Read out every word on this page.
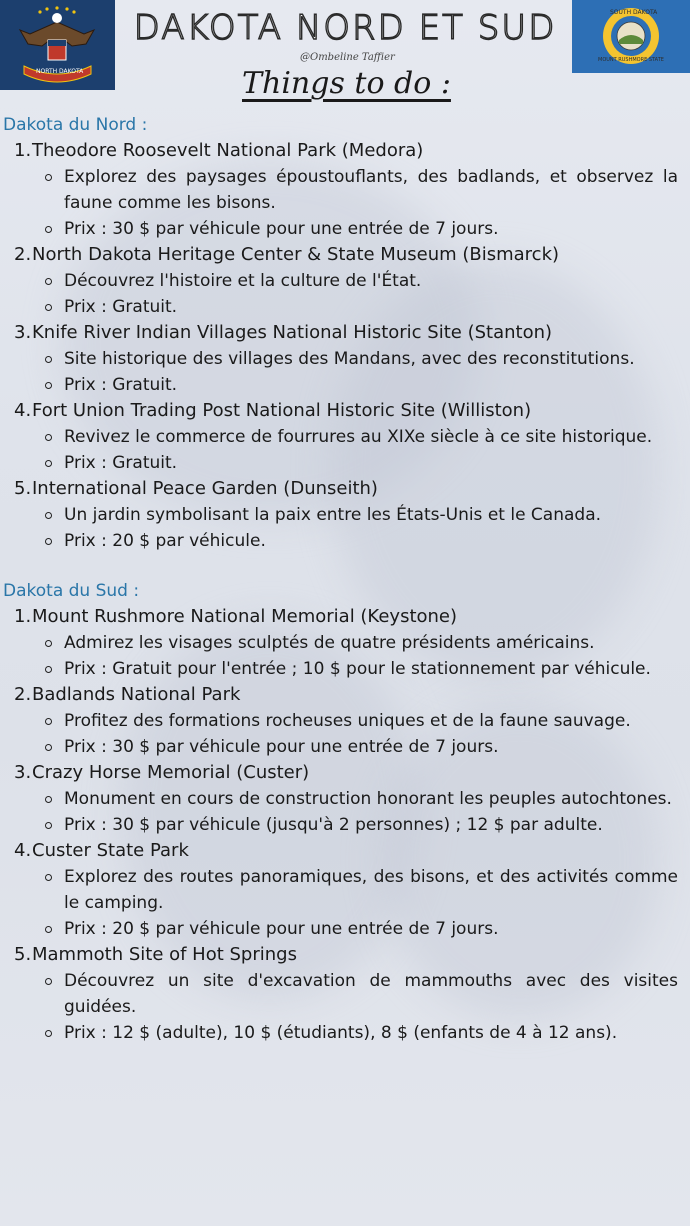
NORTH DAKOTA
SOUTH DAKOTA
MOUNT RUSHMORE STATE
DAKOTA NORD ET SUD
@Ombeline Taffier
Things to do :
Dakota du Nord :
1. Theodore Roosevelt National Park (Medora)
Explorez des paysages époustouflants, des badlands, et observez la faune comme les bisons.
Prix : 30 $ par véhicule pour une entrée de 7 jours.
2. North Dakota Heritage Center & State Museum (Bismarck)
Découvrez l'histoire et la culture de l'État.
Prix : Gratuit.
3. Knife River Indian Villages National Historic Site (Stanton)
Site historique des villages des Mandans, avec des reconstitutions.
Prix : Gratuit.
4. Fort Union Trading Post National Historic Site (Williston)
Revivez le commerce de fourrures au XIXe siècle à ce site historique.
Prix : Gratuit.
5. International Peace Garden (Dunseith)
Un jardin symbolisant la paix entre les États-Unis et le Canada.
Prix : 20 $ par véhicule.
Dakota du Sud :
1. Mount Rushmore National Memorial (Keystone)
Admirez les visages sculptés de quatre présidents américains.
Prix : Gratuit pour l'entrée ; 10 $ pour le stationnement par véhicule.
2. Badlands National Park
Profitez des formations rocheuses uniques et de la faune sauvage.
Prix : 30 $ par véhicule pour une entrée de 7 jours.
3. Crazy Horse Memorial (Custer)
Monument en cours de construction honorant les peuples autochtones.
Prix : 30 $ par véhicule (jusqu'à 2 personnes) ; 12 $ par adulte.
4. Custer State Park
Explorez des routes panoramiques, des bisons, et des activités comme le camping.
Prix : 20 $ par véhicule pour une entrée de 7 jours.
5. Mammoth Site of Hot Springs
Découvrez un site d'excavation de mammouths avec des visites guidées.
Prix : 12 $ (adulte), 10 $ (étudiants), 8 $ (enfants de 4 à 12 ans).
